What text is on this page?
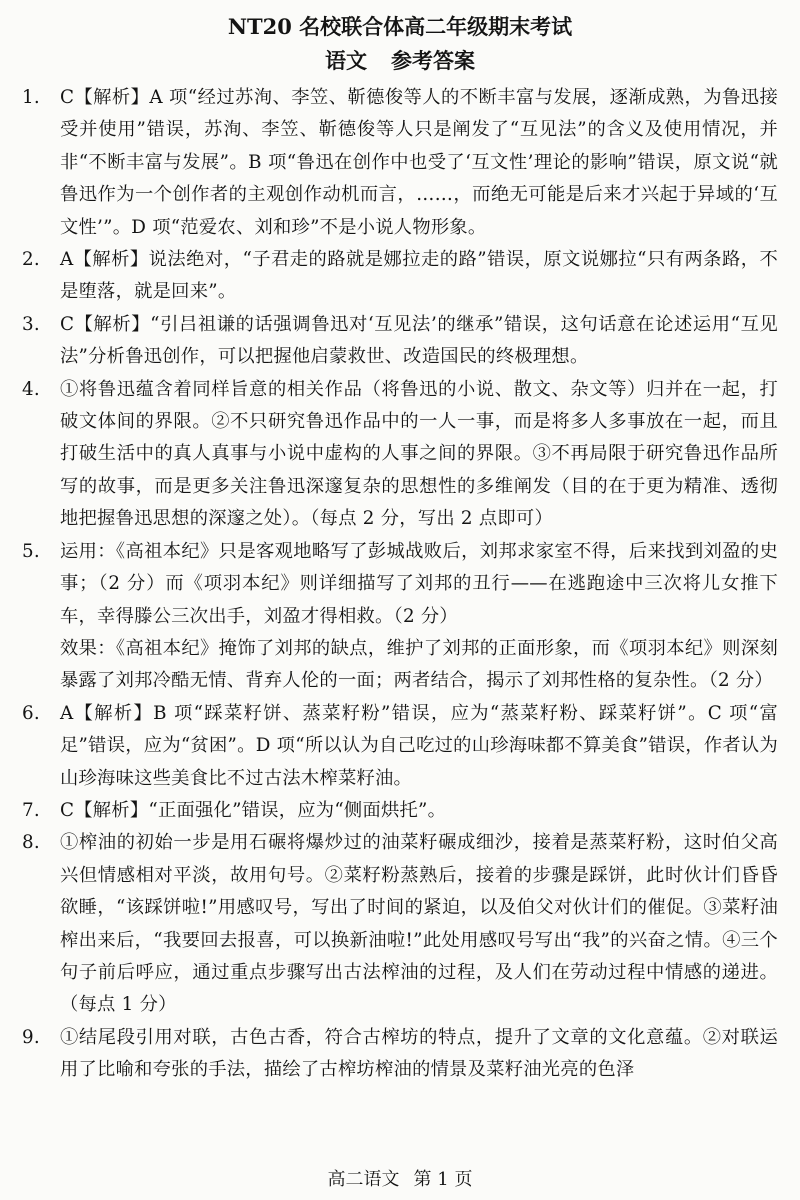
NT20 名校联合体高二年级期末考试
语文 参考答案
1.	C【解析】A 项“经过苏洵、李笠、靳德俊等人的不断丰富与发展，逐渐成熟，为鲁迅接受并使用”错误，苏洵、李笠、靳德俊等人只是阐发了“互见法”的含义及使用情况，并非“不断丰富与发展”。B 项“鲁迅在创作中也受了‘互文性’理论的影响”错误，原文说“就鲁迅作为一个创作者的主观创作动机而言，……，而绝无可能是后来才兴起于异域的‘互文性’”。D 项“范爱农、刘和珍”不是小说人物形象。

2.	A【解析】说法绝对，“子君走的路就是娜拉走的路”错误，原文说娜拉“只有两条路，不是堕落，就是回来”。

3.	C【解析】“引吕祖谦的话强调鲁迅对‘互见法’的继承”错误，这句话意在论述运用“互见法”分析鲁迅创作，可以把握他启蒙救世、改造国民的终极理想。

4.	①将鲁迅蕴含着同样旨意的相关作品（将鲁迅的小说、散文、杂文等）归并在一起，打破文体间的界限。②不只研究鲁迅作品中的一人一事，而是将多人多事放在一起，而且打破生活中的真人真事与小说中虚构的人事之间的界限。③不再局限于研究鲁迅作品所写的故事，而是更多关注鲁迅深邃复杂的思想性的多维阐发（目的在于更为精准、透彻地把握鲁迅思想的深邃之处）。（每点 2 分，写出 2 点即可）

5.	运用：《高祖本纪》只是客观地略写了彭城战败后，刘邦求家室不得，后来找到刘盈的史事；（2 分）而《项羽本纪》则详细描写了刘邦的丑行——在逃跑途中三次将儿女推下车，幸得滕公三次出手，刘盈才得相救。（2 分）

效果：《高祖本纪》掩饰了刘邦的缺点，维护了刘邦的正面形象，而《项羽本纪》则深刻暴露了刘邦冷酷无情、背弃人伦的一面；两者结合，揭示了刘邦性格的复杂性。（2 分）

6.	A【解析】B 项“踩菜籽饼、蒸菜籽粉”错误，应为“蒸菜籽粉、踩菜籽饼”。C 项“富足”错误，应为“贫困”。D 项“所以认为自己吃过的山珍海味都不算美食”错误，作者认为山珍海味这些美食比不过古法木榨菜籽油。

7.	C【解析】“正面强化”错误，应为“侧面烘托”。

8.	①榨油的初始一步是用石碾将爆炒过的油菜籽碾成细沙，接着是蒸菜籽粉，这时伯父高兴但情感相对平淡，故用句号。②菜籽粉蒸熟后，接着的步骤是踩饼，此时伙计们昏昏欲睡，“该踩饼啦!”用感叹号，写出了时间的紧迫，以及伯父对伙计们的催促。③菜籽油榨出来后，“我要回去报喜，可以换新油啦!”此处用感叹号写出“我”的兴奋之情。④三个句子前后呼应，通过重点步骤写出古法榨油的过程，及人们在劳动过程中情感的递进。（每点 1 分）

9.	①结尾段引用对联，古色古香，符合古榨坊的特点，提升了文章的文化意蕴。②对联运用了比喻和夸张的手法，描绘了古榨坊榨油的情景及菜籽油光亮的色泽

高二语文 第 1 页
